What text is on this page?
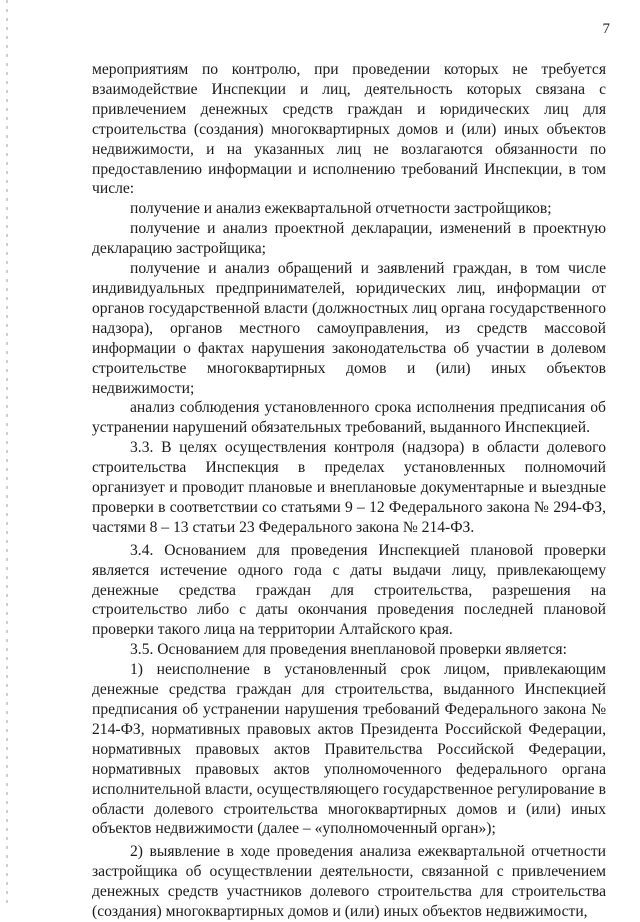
7

мероприятиям по контролю, при проведении которых не требуется взаимодействие Инспекции и лиц, деятельность которых связана с привлечением денежных средств граждан и юридических лиц для строительства (создания) многоквартирных домов и (или) иных объектов недвижимости, и на указанных лиц не возлагаются обязанности по предоставлению информации и исполнению требований Инспекции, в том числе:

получение и анализ ежеквартальной отчетности застройщиков;

получение и анализ проектной декларации, изменений в проектную декларацию застройщика;

получение и анализ обращений и заявлений граждан, в том числе индивидуальных предпринимателей, юридических лиц, информации от органов государственной власти (должностных лиц органа государственного надзора), органов местного самоуправления, из средств массовой информации о фактах нарушения законодательства об участии в долевом строительстве многоквартирных домов и (или) иных объектов недвижимости;

анализ соблюдения установленного срока исполнения предписания об устранении нарушений обязательных требований, выданного Инспекцией.

3.3. В целях осуществления контроля (надзора) в области долевого строительства Инспекция в пределах установленных полномочий организует и проводит плановые и внеплановые документарные и выездные проверки в соответствии со статьями 9 – 12 Федерального закона № 294-ФЗ, частями 8 – 13 статьи 23 Федерального закона № 214-ФЗ.

3.4. Основанием для проведения Инспекцией плановой проверки является истечение одного года с даты выдачи лицу, привлекающему денежные средства граждан для строительства, разрешения на строительство либо с даты окончания проведения последней плановой проверки такого лица на территории Алтайского края.

3.5. Основанием для проведения внеплановой проверки является:

1) неисполнение в установленный срок лицом, привлекающим денежные средства граждан для строительства, выданного Инспекцией предписания об устранении нарушения требований Федерального закона № 214-ФЗ, нормативных правовых актов Президента Российской Федерации, нормативных правовых актов Правительства Российской Федерации, нормативных правовых актов уполномоченного федерального органа исполнительной власти, осуществляющего государственное регулирование в области долевого строительства многоквартирных домов и (или) иных объектов недвижимости (далее – «уполномоченный орган»);

2) выявление в ходе проведения анализа ежеквартальной отчетности застройщика об осуществлении деятельности, связанной с привлечением денежных средств участников долевого строительства для строительства (создания) многоквартирных домов и (или) иных объектов недвижимости,
